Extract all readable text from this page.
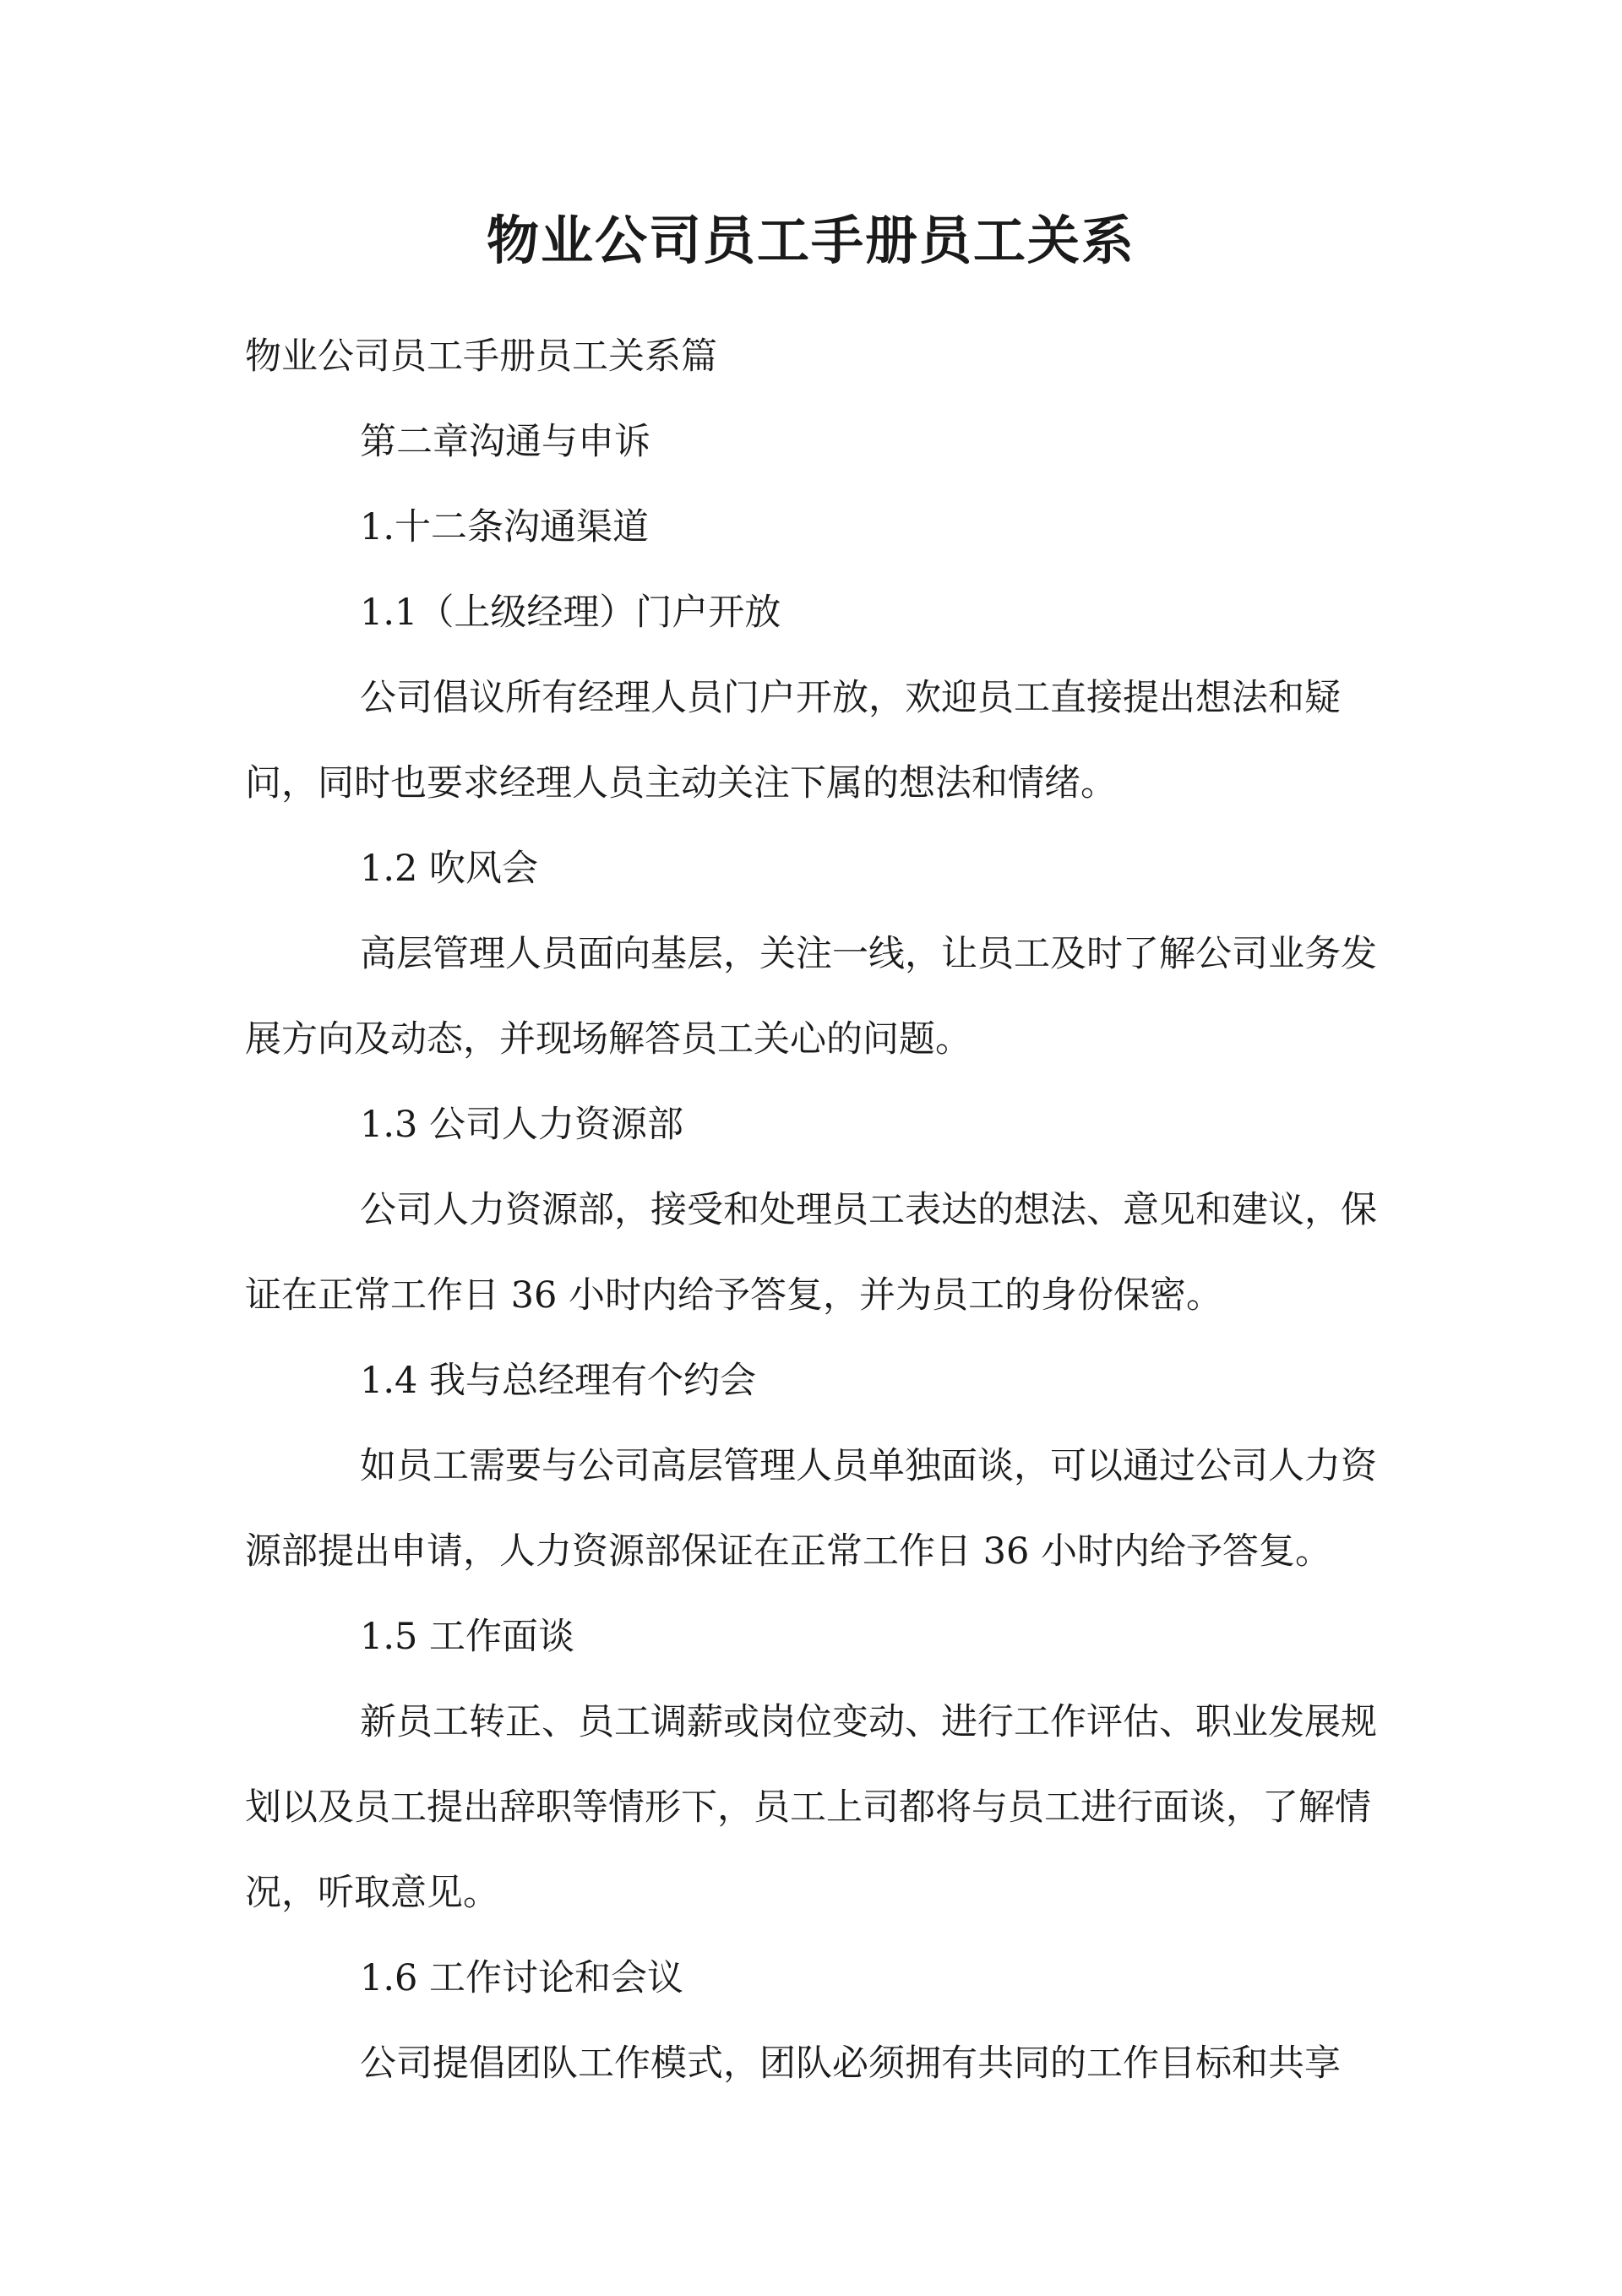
物业公司员工手册员工关系

物业公司员工手册员工关系篇

第二章沟通与申诉

1.十二条沟通渠道

1.1（上级经理）门户开放

公司倡议所有经理人员门户开放，欢迎员工直接提出想法和疑问，同时也要求经理人员主动关注下属的想法和情绪。

1.2 吹风会

高层管理人员面向基层，关注一线，让员工及时了解公司业务发展方向及动态，并现场解答员工关心的问题。

1.3 公司人力资源部

公司人力资源部，接受和处理员工表达的想法、意见和建议，保证在正常工作日 36 小时内给予答复，并为员工的身份保密。

1.4 我与总经理有个约会

如员工需要与公司高层管理人员单独面谈，可以通过公司人力资源部提出申请，人力资源部保证在正常工作日 36 小时内给予答复。

1.5 工作面谈

新员工转正、员工调薪或岗位变动、进行工作评估、职业发展规划以及员工提出辞职等情形下，员工上司都将与员工进行面谈，了解情况，听取意见。

1.6 工作讨论和会议

公司提倡团队工作模式，团队必须拥有共同的工作目标和共享
